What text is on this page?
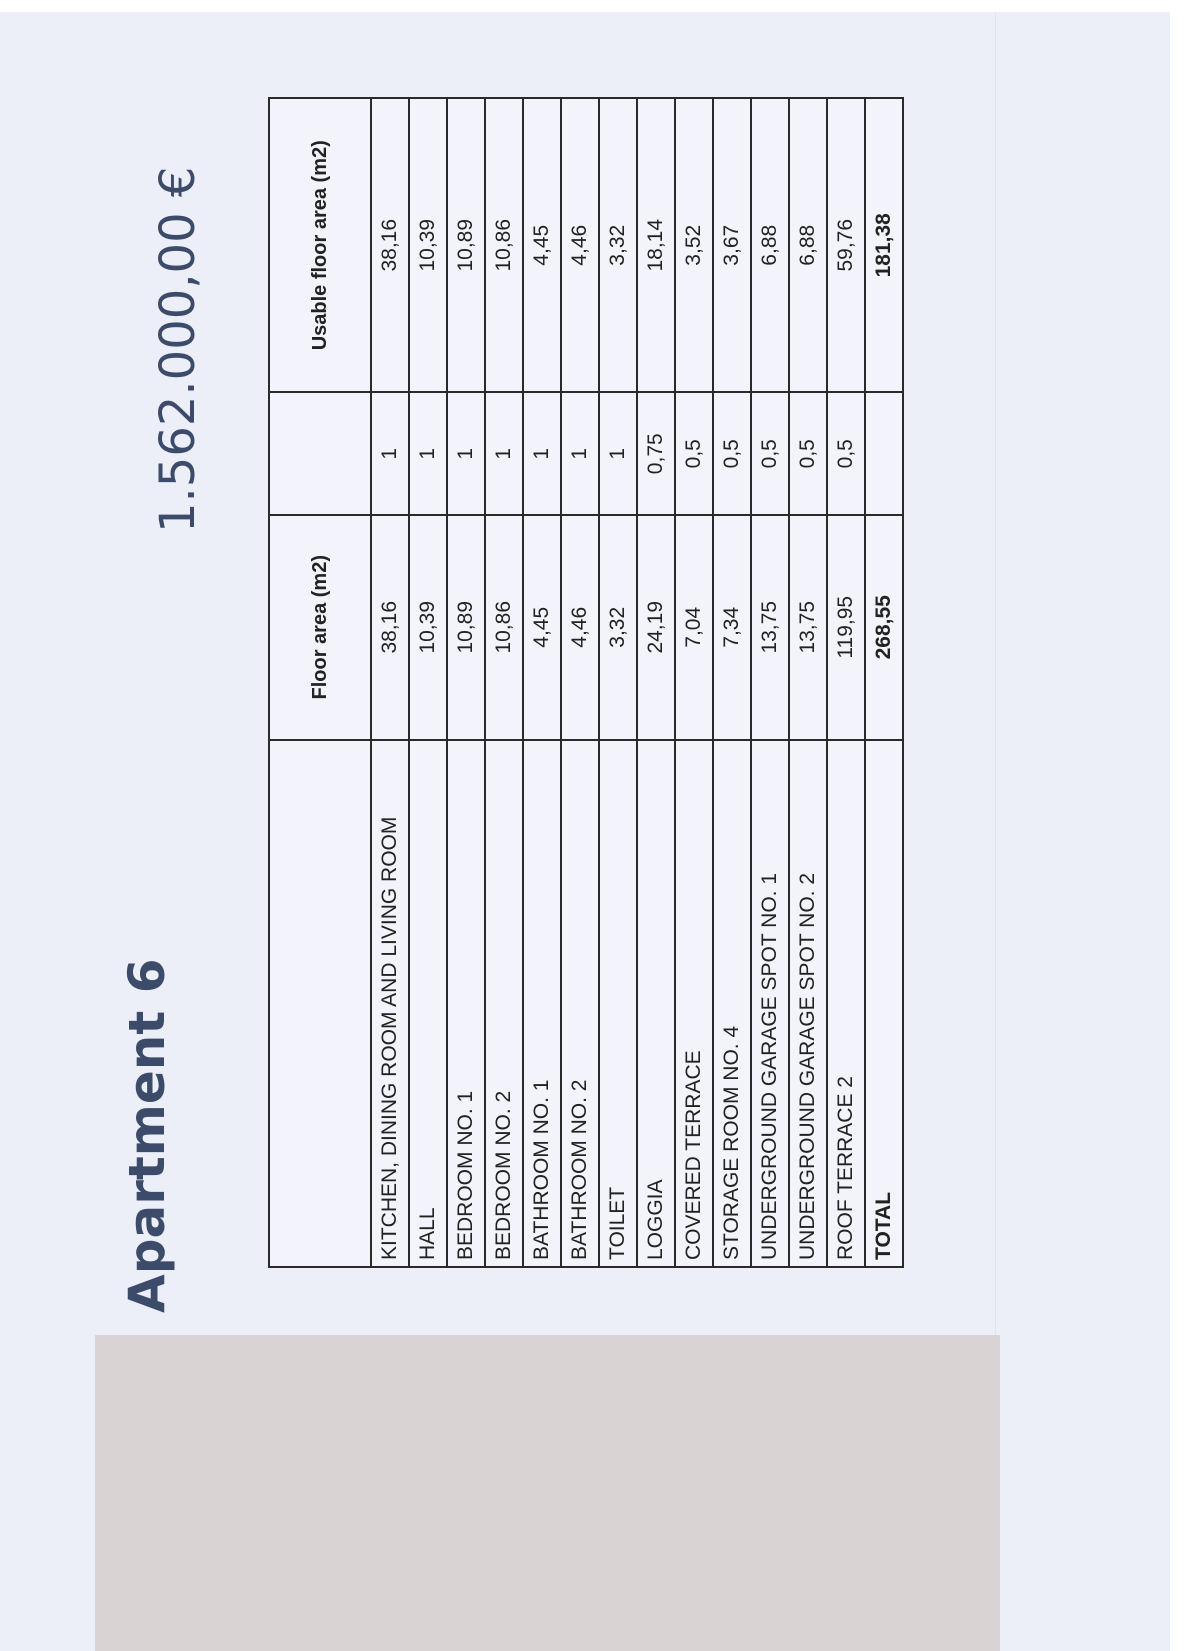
Apartment 6
1.562.000,00 €
	Floor area (m2)		Usable floor area (m2)
KITCHEN, DINING ROOM AND LIVING ROOM	38,16	1	38,16
HALL	10,39	1	10,39
BEDROOM NO. 1	10,89	1	10,89
BEDROOM NO. 2	10,86	1	10,86
BATHROOM NO. 1	4,45	1	4,45
BATHROOM NO. 2	4,46	1	4,46
TOILET	3,32	1	3,32
LOGGIA	24,19	0,75	18,14
COVERED TERRACE	7,04	0,5	3,52
STORAGE ROOM NO. 4	7,34	0,5	3,67
UNDERGROUND GARAGE SPOT NO. 1	13,75	0,5	6,88
UNDERGROUND GARAGE SPOT NO. 2	13,75	0,5	6,88
ROOF TERRACE 2	119,95	0,5	59,76
TOTAL	268,55		181,38
